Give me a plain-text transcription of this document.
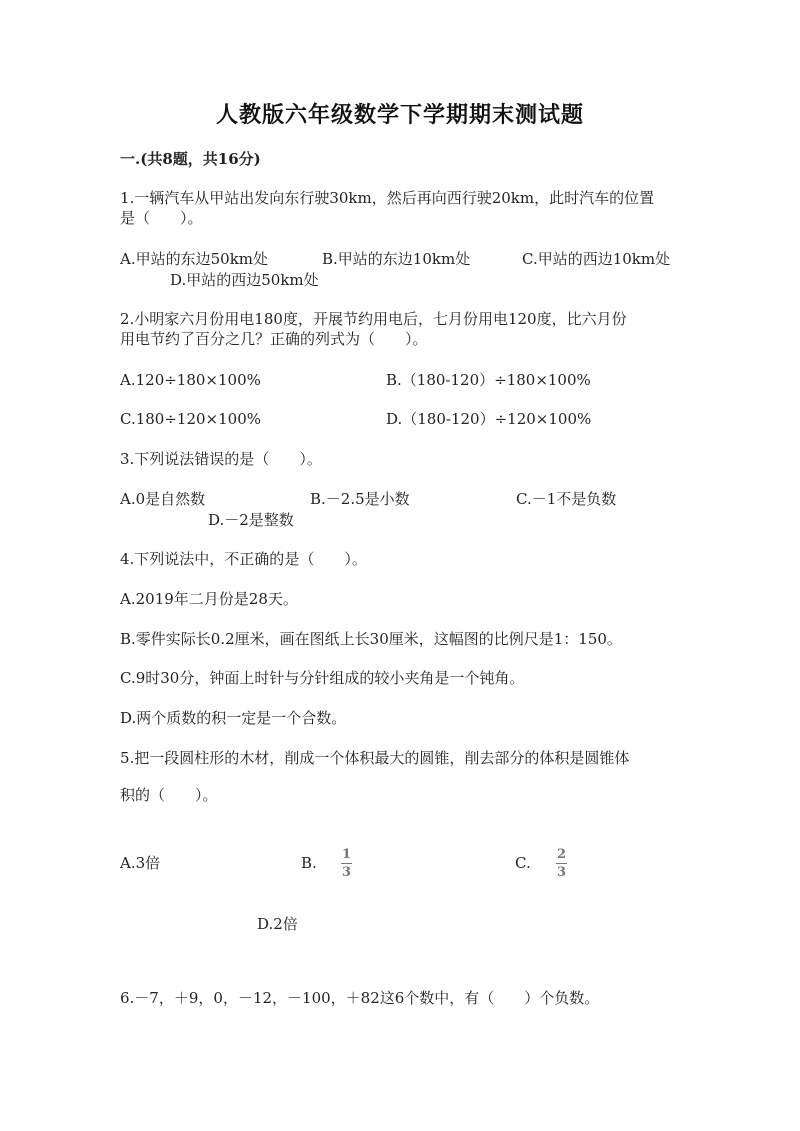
人教版六年级数学下学期期末测试题
一.(共8题，共16分)
1.一辆汽车从甲站出发向东行驶30km，然后再向西行驶20km，此时汽车的位置
是（　　）。
A.甲站的东边50km处	B.甲站的东边10km处	C.甲站的西边10km处
D.甲站的西边50km处
2.小明家六月份用电180度，开展节约用电后，七月份用电120度，比六月份
用电节约了百分之几？正确的列式为（　　）。
A.120÷180×100%	B.（180-120）÷180×100%
C.180÷120×100%	D.（180-120）÷120×100%
3.下列说法错误的是（　　）。
A.0是自然数	B.－2.5是小数	C.－1不是负数
D.－2是整数
4.下列说法中，不正确的是（　　）。
A.2019年二月份是28天。
B.零件实际长0.2厘米，画在图纸上长30厘米，这幅图的比例尺是1：150。
C.9时30分，钟面上时针与分针组成的较小夹角是一个钝角。
D.两个质数的积一定是一个合数。
5.把一段圆柱形的木材，削成一个体积最大的圆锥，削去部分的体积是圆锥体
积的（　　）。
A.3倍	B. 1
3
C. 2
3
D.2倍
6.－7，＋9，0，－12，－100，＋82这6个数中，有（　　）个负数。
